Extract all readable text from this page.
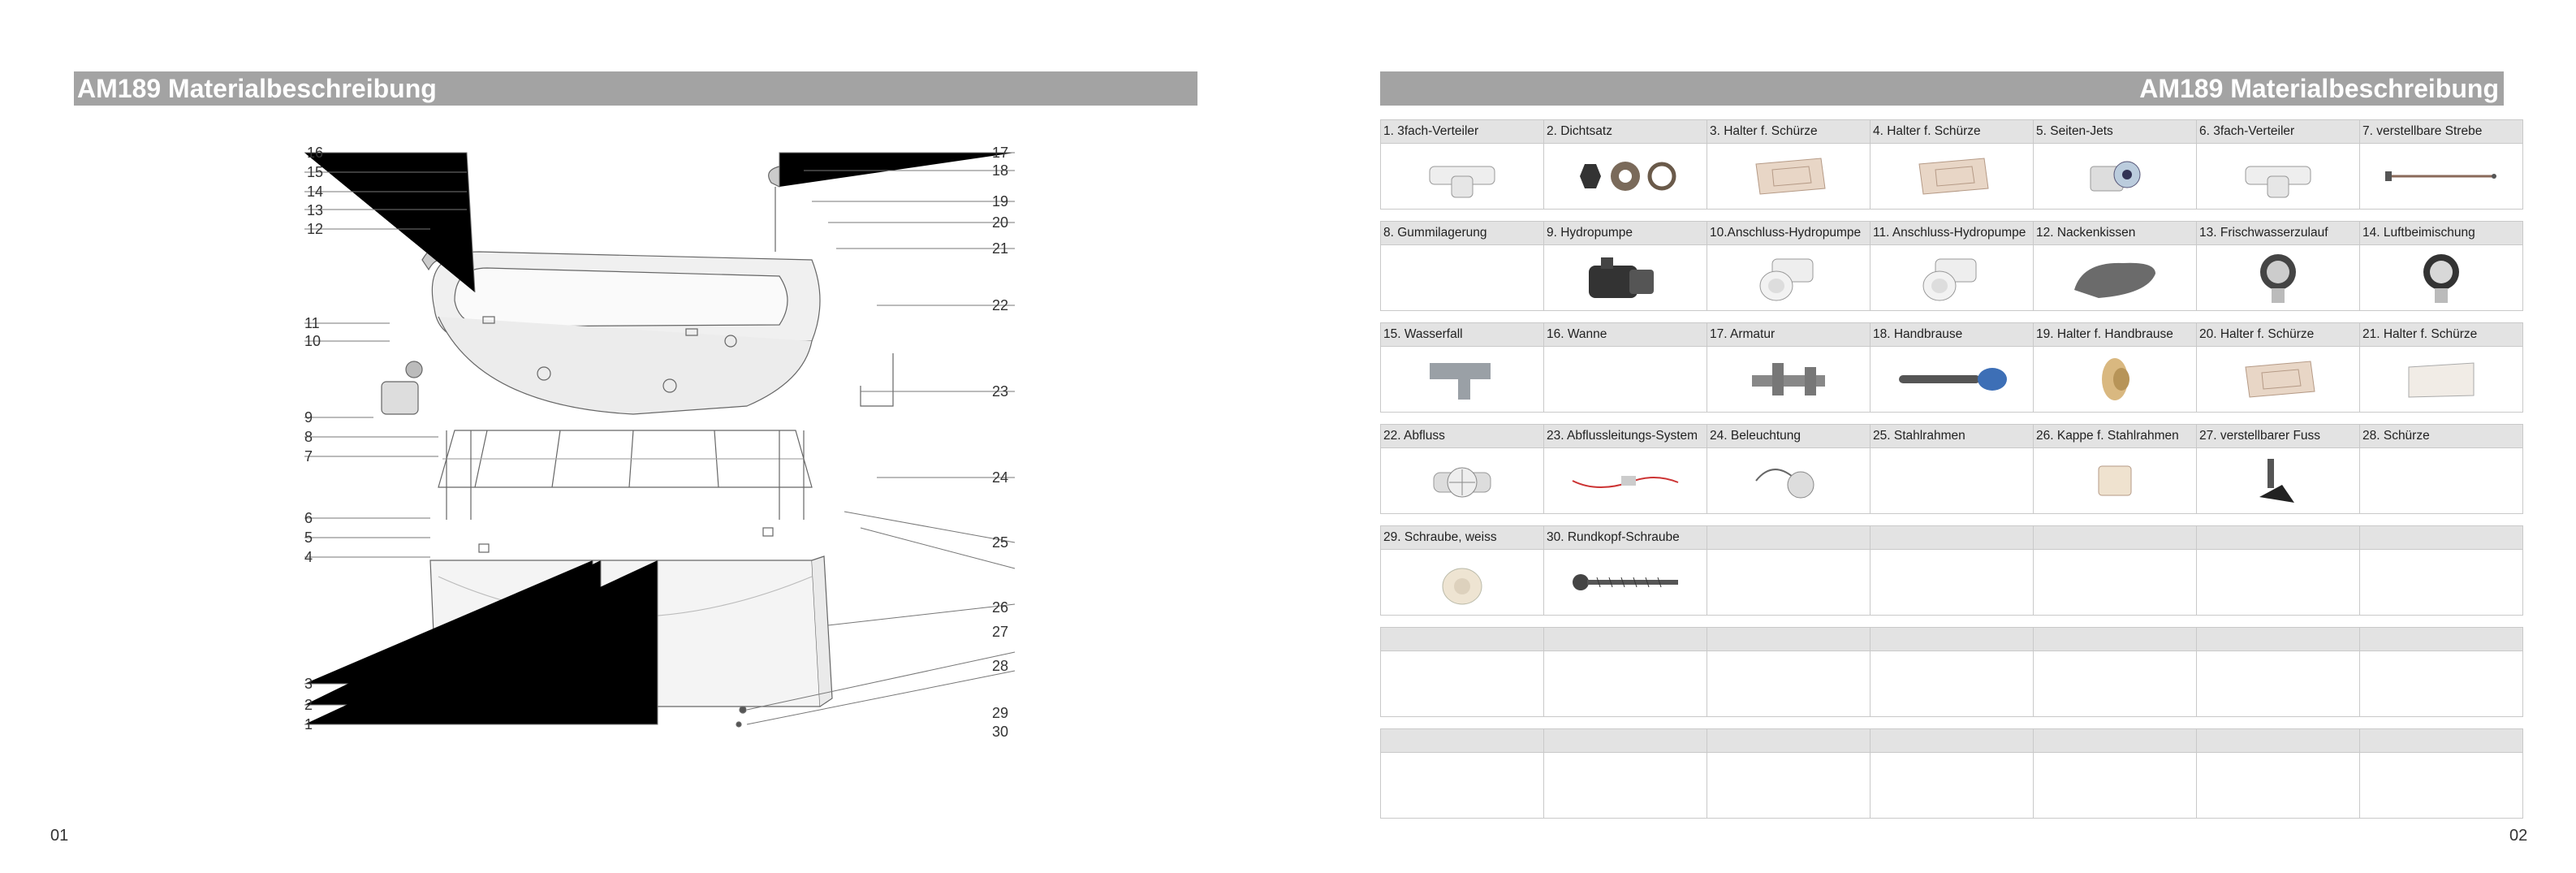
AM189 Materialbeschreibung	AM189 Materialbeschreibung
16
15
14
13
12
11
10
9
8
7
6
5
4
3
2
1
17
18
19
20
21
22
23
24
25
26
27
28
29
30
1. 3fach-Verteiler	2. Dichtsatz	3. Halter f. Schürze	4. Halter f. Schürze	5. Seiten-Jets	6. 3fach-Verteiler	7. verstellbare Strebe

8. Gummilagerung	9. Hydropumpe	10.Anschluss-Hydropumpe	11. Anschluss-Hydropumpe	12. Nackenkissen	13. Frischwasserzulauf	14. Luftbeimischung

15. Wasserfall	16. Wanne	17. Armatur	18. Handbrause	19. Halter f. Handbrause	20. Halter f. Schürze	21. Halter f. Schürze

22. Abfluss	23. Abflussleitungs-System	24. Beleuchtung	25. Stahlrahmen	26. Kappe f. Stahlrahmen	27. verstellbarer Fuss	28. Schürze

29. Schraube, weiss	30. Rundkopf-Schraube					

01	02
